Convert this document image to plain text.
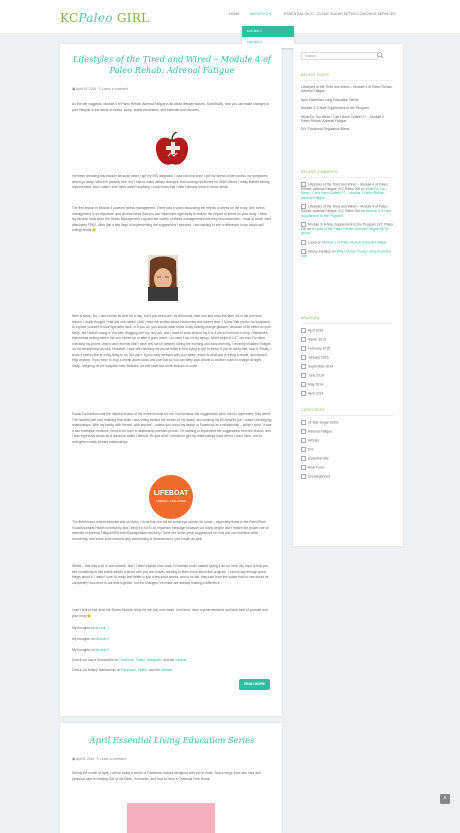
KCPaleo GIRL	HOME	ABOUT KC ▾	ESSENTIAL OILS 21 DAY SUGAR DETOX COACHING SERVICES
sub-link 1
sub-link 2
Lifestyles of the Tired and Wired – Module 4 of Paleo Rehab: Adrenal Fatigue
▣ April 19, 2015 ✎ Leave a comment

As the title suggests, Module 4 of Paleo Rehab: Adrenal Fatigue is all about lifestyle factors. Specifically, how you can make changes to your lifestyle in the areas of stress, sleep, social connection, and exercise and recovery.

I've been dreading this module because when I got my IBS diagnosis, I was told that once I got my stress under control, my symptoms would go away. Which is partially true, but I had to make dietary changes, and undergo treatment for SIBO before I really started seeing improvement. And I wasn't sure there wasn't anything I could learn that I didn't already know in these areas.

The first lesson in Module 4 covered stress management. There was a video discussing the effects of stress on the body, why stress management is so important, and several ideas that you can implement right away to reduce the impact of stress on your body. I think my favorite tools were the Stress Management Log and the variety of stress management tools they recommended – most of which were absolutely FREE. After just a few days of implementing the suggestions I selected, I am starting to see a difference in my mood and energy levels 🙂

Next is sleep. No, I don't mean its time for a nap, but if you need one, by all means, take one and read this later. As in the previous lesson, I really thought I had this one nailed. Until I read the section about electronics and screen time. I 'knew' that you're not supposed to expose yourself to blue light after dark, or if you do, you should wear those funky looking orange glasses, because of its effect on your sleep, but I wasn't doing it. You see, blogging isn't my only job, and I have to work around my 9 to 5 job to find time to blog. Oftentimes, that means writing before the sun comes up or after it goes down. I do have f.lux on my laptop, which helps A LOT, but then I'm often checking my phone, which until recently didn't have any sort of dimmer during the evening and early morning. I recently installed Twilight on my smartphone as well. However, I was still checking my phone while in bed trying to get to sleep. If you're doing that, stop it. Really. I know it seems like an easy thing to do, but don't. It just really messes with your sleep, which is what you're trying to avoid, and doesn't help anyone. If you have to, buy a cheap alarm clock and use that so you can keep your phone in another room to charge at night. Okay...stepping off the soapbox now. Besides, we still have two more lessons to cover.

Social Connection was the hardest lesson of the entire module for me. Not because the suggestions were hard to implement, they aren't. The hardest part was realizing that while I was sitting behind the screen of my laptop and working my 60-hr/week job, I wasn't developing relationships. With my family, with friends, with anyone – unless you count my laptop or Facebook as a relationship – which I don't. It was a sad revelation because I tend to be such a relationship oriented person. I'm starting to implement the suggestions from the lesson, and I was especially struck by a resource called Lifeboat. It's just what I needed to get my relationships back where I want them, and to strengthen newly formed relationships.

LIFEBOAT
FRIENDS • CHALLENGE

The final lesson covers exercise and recovery. I think this one will be a real eye-opener for some – especially those in the Paleo/Real Food/Ancestral Health community. But I think it's SO/O an important message because too many people don't realize the proper role of exercise in Adrenal Fatigue/HPA Axis Dysregulation recovery. There are some great suggestions for how you can exercise while recovering, and some solid reasons why overtraining is detrimental to your health as well.

Whew – that was a lot in one module, huh? I didn't realize how much I'd learned until I started typing it all out here. My hope is that you see something in this article strikes a chord with you and leaves wanting to learn more about this program. I cannot say enough good things about it. I wasn't sure I'd really feel better in just a few short weeks, and to be fair, they said from the outset that no one would be completely recovered in out time together, but the changes I've made are already making a difference.

I can't wait to see what the Bonus Module holds for me (us) next week. Until then, have a great weekend and take care of yourself and your body 🙂

My thoughts on Module 1

My thoughts on Module 2

My thoughts on Module 3

Check out Laura Schoenfeld on Facebook, Twitter, Instagram, and her website

Check out Kelsey Marksteiner on Facebook, Twitter, and her website

READ MORE
April Essential Living Education Series
▣ April 5, 2015 ✎ Leave a comment

During the month of April, I will be doing a series of Facebook classes designed with you in mind. Topics range from skin care and personal care to Healing Oils of the Bible, Hormones, and how to have a Chemical Free Home.

Search …
RECENT POSTS
Lifestyles of the Tired and Wired – Module 4 of Paleo Rehab: Adrenal Fatigue
April Essential Living Education Series
Module 3: A Nice Supplement to the Program
What Do You Mean I Can't Have Coffee??? – Module 2 Paleo Rehab: Adrenal Fatigue
DIY Emotional Regulation Blend
RECENT COMMENTS
Lifestyles of the Tired and Wired – Module 4 of Paleo Rehab: Adrenal Fatigue | KC Paleo Girl on What Do You Mean I Can't Have Coffee??? – Module 2 Paleo Rehab: Adrenal Fatigue
Lifestyles of the Tired and Wired – Module 4 of Paleo Rehab: Adrenal Fatigue | KC Paleo Girl on Module 3: A Nice Supplement to the Program
Module 3: A Nice Supplement to the Program | KC Paleo Girl on I'm part of the Paleo Rehab: Adrenal Fatigue BETA group!
Laura on Module 1 of Paleo Rehab: Adrenal Fatigue
Nancy Zaratley on Why I Chose Young Living Essential Oils
ARCHIVES
April 2015
March 2015
February 2015
January 2015
September 2014
June 2014
May 2014
April 2014
CATEGORIES
21 Day Sugar Detox
Adrenal Fatigue
Articles
DIY
Essential Oils
Real Food
Uncategorized
˄
